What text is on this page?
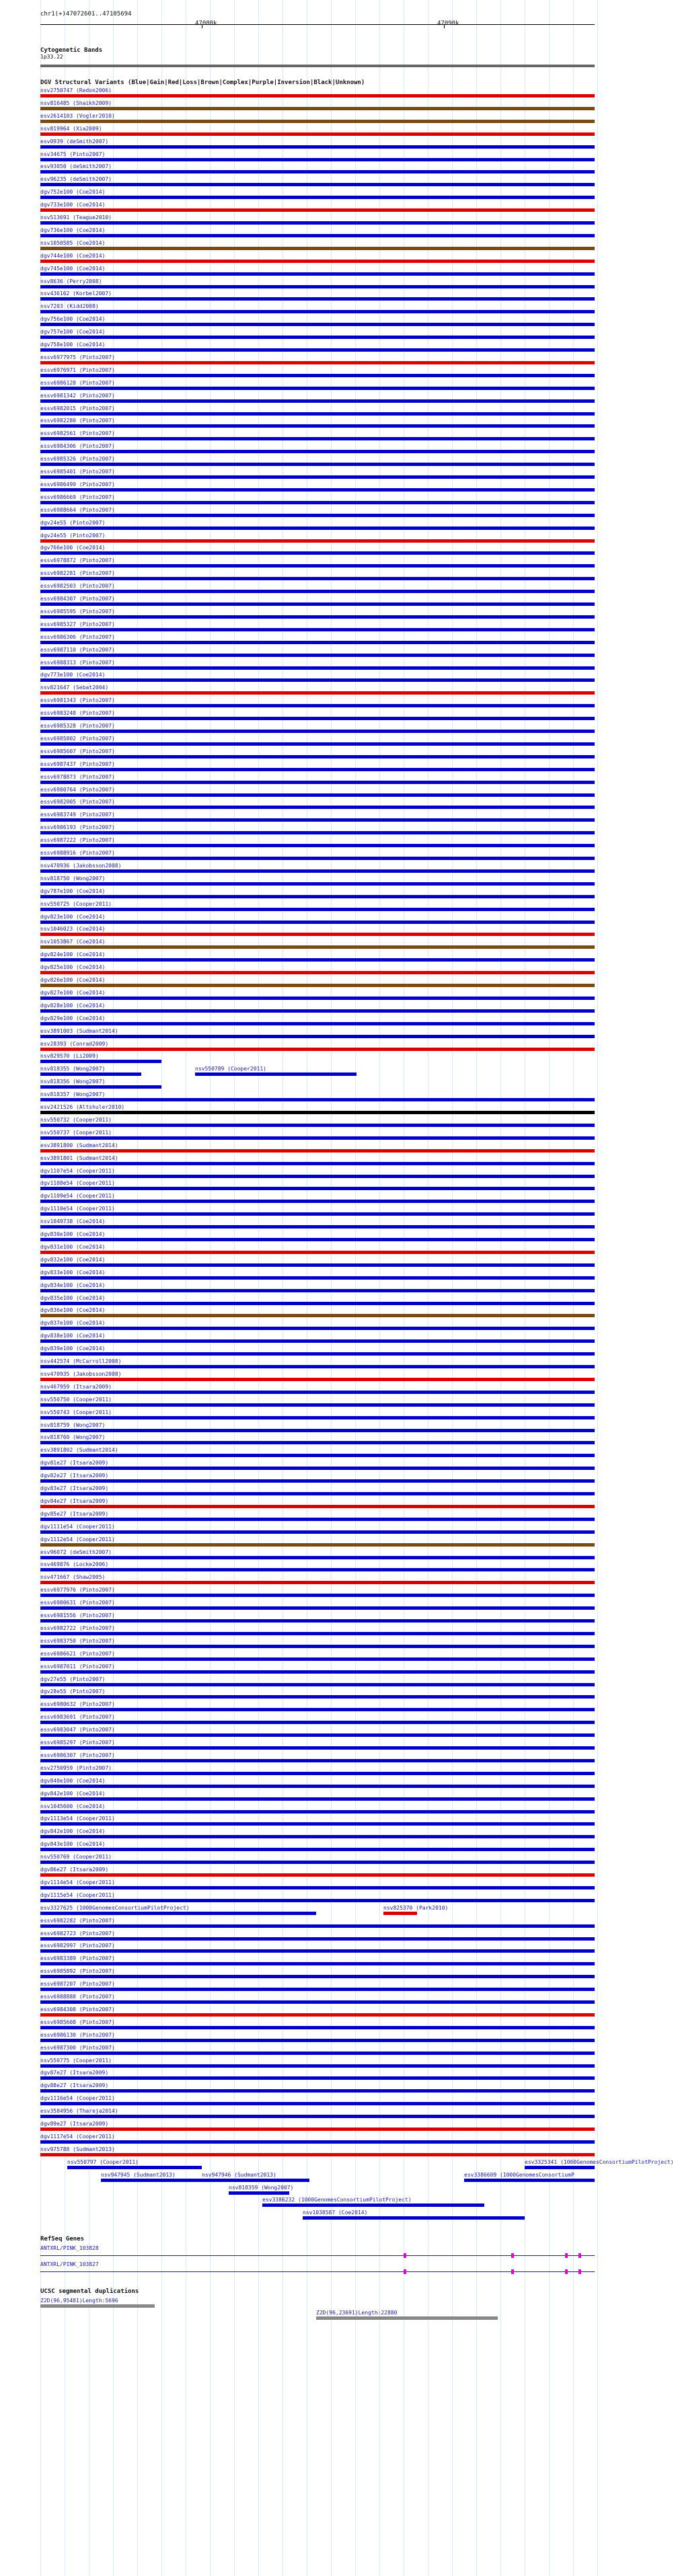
chr1(+)47072601..47105694
47080k	47090k
Cytogenetic Bands
1p33.22
DGV Structural Variants (Blue|Gain|Red|Loss|Brown|Complex|Purple|Inversion|Black|Unknown)
nsv2750747 (Redon2006)
nsv816485 (Shaikh2009)
esv2614103 (Vogler2010)
nsv819964 (Xia2009)
esv0939 (deSmith2007)
nsv34675 (Pinto2007)
esv93050 (deSmith2007)
esv96235 (deSmith2007)
dgv752e100 (Coe2014)
dgv733e100 (Coe2014)
nsv513691 (Teague2010)
dgv736e100 (Coe2014)
nsv1050585 (Coe2014)
dgv744e100 (Coe2014)
dgv745e100 (Coe2014)
nsv8636 (Perry2008)
nsv436162 (Korbel2007)
nsv7203 (Kidd2008)
dgv756e100 (Coe2014)
dgv757e100 (Coe2014)
dgv758e100 (Coe2014)
essv6977975 (Pinto2007)
essv6976971 (Pinto2007)
essv6986128 (Pinto2007)
essv6981342 (Pinto2007)
essv6982015 (Pinto2007)
essv6982280 (Pinto2007)
essv6982561 (Pinto2007)
essv6984306 (Pinto2007)
essv6985326 (Pinto2007)
essv6985401 (Pinto2007)
essv6986499 (Pinto2007)
essv6986669 (Pinto2007)
essv6988664 (Pinto2007)
dgv24e55 (Pinto2007)
dgv24e55 (Pinto2007)
dgv766e100 (Coe2014)
essv6978872 (Pinto2007)
essv6982281 (Pinto2007)
essv6982503 (Pinto2007)
essv6984307 (Pinto2007)
essv6985595 (Pinto2007)
essv6985327 (Pinto2007)
essv6986306 (Pinto2007)
essv6987110 (Pinto2007)
essv6988313 (Pinto2007)
dgv773e100 (Coe2014)
nsv821647 (Sebat2004)
essv6981343 (Pinto2007)
essv6983248 (Pinto2007)
essv6985328 (Pinto2007)
essv6985802 (Pinto2007)
essv6985607 (Pinto2007)
essv6987437 (Pinto2007)
essv6978873 (Pinto2007)
essv6980764 (Pinto2007)
essv6982005 (Pinto2007)
essv6983749 (Pinto2007)
essv6986193 (Pinto2007)
essv6987222 (Pinto2007)
essv6988916 (Pinto2007)
nsv470936 (Jakobsson2008)
nsv818750 (Wong2007)
dgv787e100 (Coe2014)
nsv550725 (Cooper2011)
dgv823e100 (Coe2014)
nsv1046023 (Coe2014)
nsv1053867 (Coe2014)
dgv824e100 (Coe2014)
dgv825e100 (Coe2014)
dgv826e100 (Coe2014)
dgv827e100 (Coe2014)
dgv828e100 (Coe2014)
dgv829e100 (Coe2014)
esv3891003 (Sudmant2014)
esv28393 (Conrad2009)
nsv829570 (Li2009)
nsv818355 (Wong2007)	nsv550789 (Cooper2011)
nsv818356 (Wong2007)
nsv818357 (Wong2007)
esv2421526 (Altshuler2010)
nsv550732 (Cooper2011)
nsv550737 (Cooper2011)
esv3891800 (Sudmant2014)
esv3891801 (Sudmant2014)
dgv1107e54 (Cooper2011)
dgv1108e54 (Cooper2011)
dgv1109e54 (Cooper2011)
dgv1110e54 (Cooper2011)
nsv1049738 (Coe2014)
dgv830e100 (Coe2014)
dgv831e100 (Coe2014)
dgv832e100 (Coe2014)
dgv833e100 (Coe2014)
dgv834e100 (Coe2014)
dgv835e100 (Coe2014)
dgv836e100 (Coe2014)
dgv837e100 (Coe2014)
dgv838e100 (Coe2014)
dgv839e100 (Coe2014)
nsv442574 (McCarroll2008)
nsv470935 (Jakobsson2008)
nsv467959 (Itsara2009)
nsv550750 (Cooper2011)
nsv550743 (Cooper2011)
nsv818759 (Wong2007)
nsv818760 (Wong2007)
esv3891802 (Sudmant2014)
dgv81e27 (Itsara2009)
dgv82e27 (Itsara2009)
dgv83e27 (Itsara2009)
dgv84e27 (Itsara2009)
dgv85e27 (Itsara2009)
dgv1111e54 (Cooper2011)
dgv1112e54 (Cooper2011)
esv96072 (deSmith2007)
nsv469876 (Locke2006)
nsv471667 (Shaw2005)
essv6977976 (Pinto2007)
essv6980631 (Pinto2007)
essv6981556 (Pinto2007)
essv6982722 (Pinto2007)
essv6983750 (Pinto2007)
essv6986621 (Pinto2007)
essv6987011 (Pinto2007)
dgv27e55 (Pinto2007)
dgv28e55 (Pinto2007)
essv6980632 (Pinto2007)
essv6983691 (Pinto2007)
essv6983047 (Pinto2007)
essv6985297 (Pinto2007)
essv6986307 (Pinto2007)
esv2750959 (Pinto2007)
dgv840e100 (Coe2014)
dgv842e100 (Coe2014)
nsv1045600 (Coe2014)
dgv1113e54 (Cooper2011)
dgv842e100 (Coe2014)
dgv843e100 (Coe2014)
nsv550769 (Cooper2011)
dgv86e27 (Itsara2009)
dgv1114e54 (Cooper2011)
dgv1115e54 (Cooper2011)
esv3327625 (1000GenomesConsortiumPilotProject)	nsv825370 (Park2010)
essv6982282 (Pinto2007)
essv6982723 (Pinto2007)
essv6982997 (Pinto2007)
essv6983389 (Pinto2007)
essv6985892 (Pinto2007)
essv6987207 (Pinto2007)
essv6988888 (Pinto2007)
essv6984308 (Pinto2007)
essv6985608 (Pinto2007)
essv6986130 (Pinto2007)
essv6987300 (Pinto2007)
nsv550775 (Cooper2011)
dgv87e27 (Itsara2009)
dgv88e27 (Itsara2009)
dgv1116e54 (Cooper2011)
esv3584956 (Thareja2014)
dgv89e27 (Itsara2009)
dgv1117e54 (Cooper2011)
nsv975788 (Sudmant2013)
nsv550797 (Cooper2011)	esv3325341 (1000GenomesConsortiumPilotProject)
nsv947945 (Sudmant2013)	nsv947946 (Sudmant2013)	esv3386609 (1000GenomesConsortiumP
nsv818359 (Wong2007)
esv3386232 (1000GenomesConsortiumPilotProject)
nsv1038587 (Coe2014)
RefSeq Genes
ANTXRL/PINK_103828
ANTXRL/PINK_103827
UCSC segmental duplications
Z2D(96,95481)Length:5696
Z2D(96,23691)Length:22880
